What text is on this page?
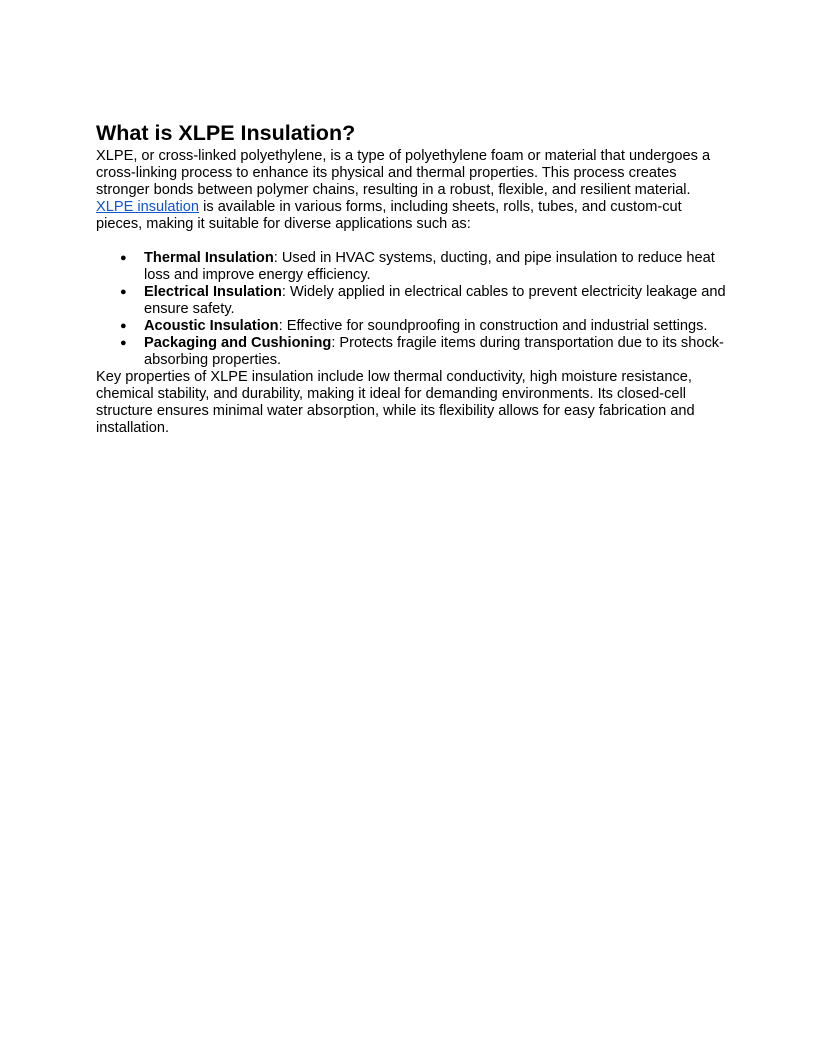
What is XLPE Insulation?

XLPE, or cross-linked polyethylene, is a type of polyethylene foam or material that undergoes a cross-linking process to enhance its physical and thermal properties. This process creates stronger bonds between polymer chains, resulting in a robust, flexible, and resilient material. XLPE insulation is available in various forms, including sheets, rolls, tubes, and custom-cut pieces, making it suitable for diverse applications such as:

● Thermal Insulation: Used in HVAC systems, ducting, and pipe insulation to reduce heat loss and improve energy efficiency.
● Electrical Insulation: Widely applied in electrical cables to prevent electricity leakage and ensure safety.
● Acoustic Insulation: Effective for soundproofing in construction and industrial settings.
● Packaging and Cushioning: Protects fragile items during transportation due to its shock-absorbing properties.

Key properties of XLPE insulation include low thermal conductivity, high moisture resistance, chemical stability, and durability, making it ideal for demanding environments. Its closed-cell structure ensures minimal water absorption, while its flexibility allows for easy fabrication and installation.
